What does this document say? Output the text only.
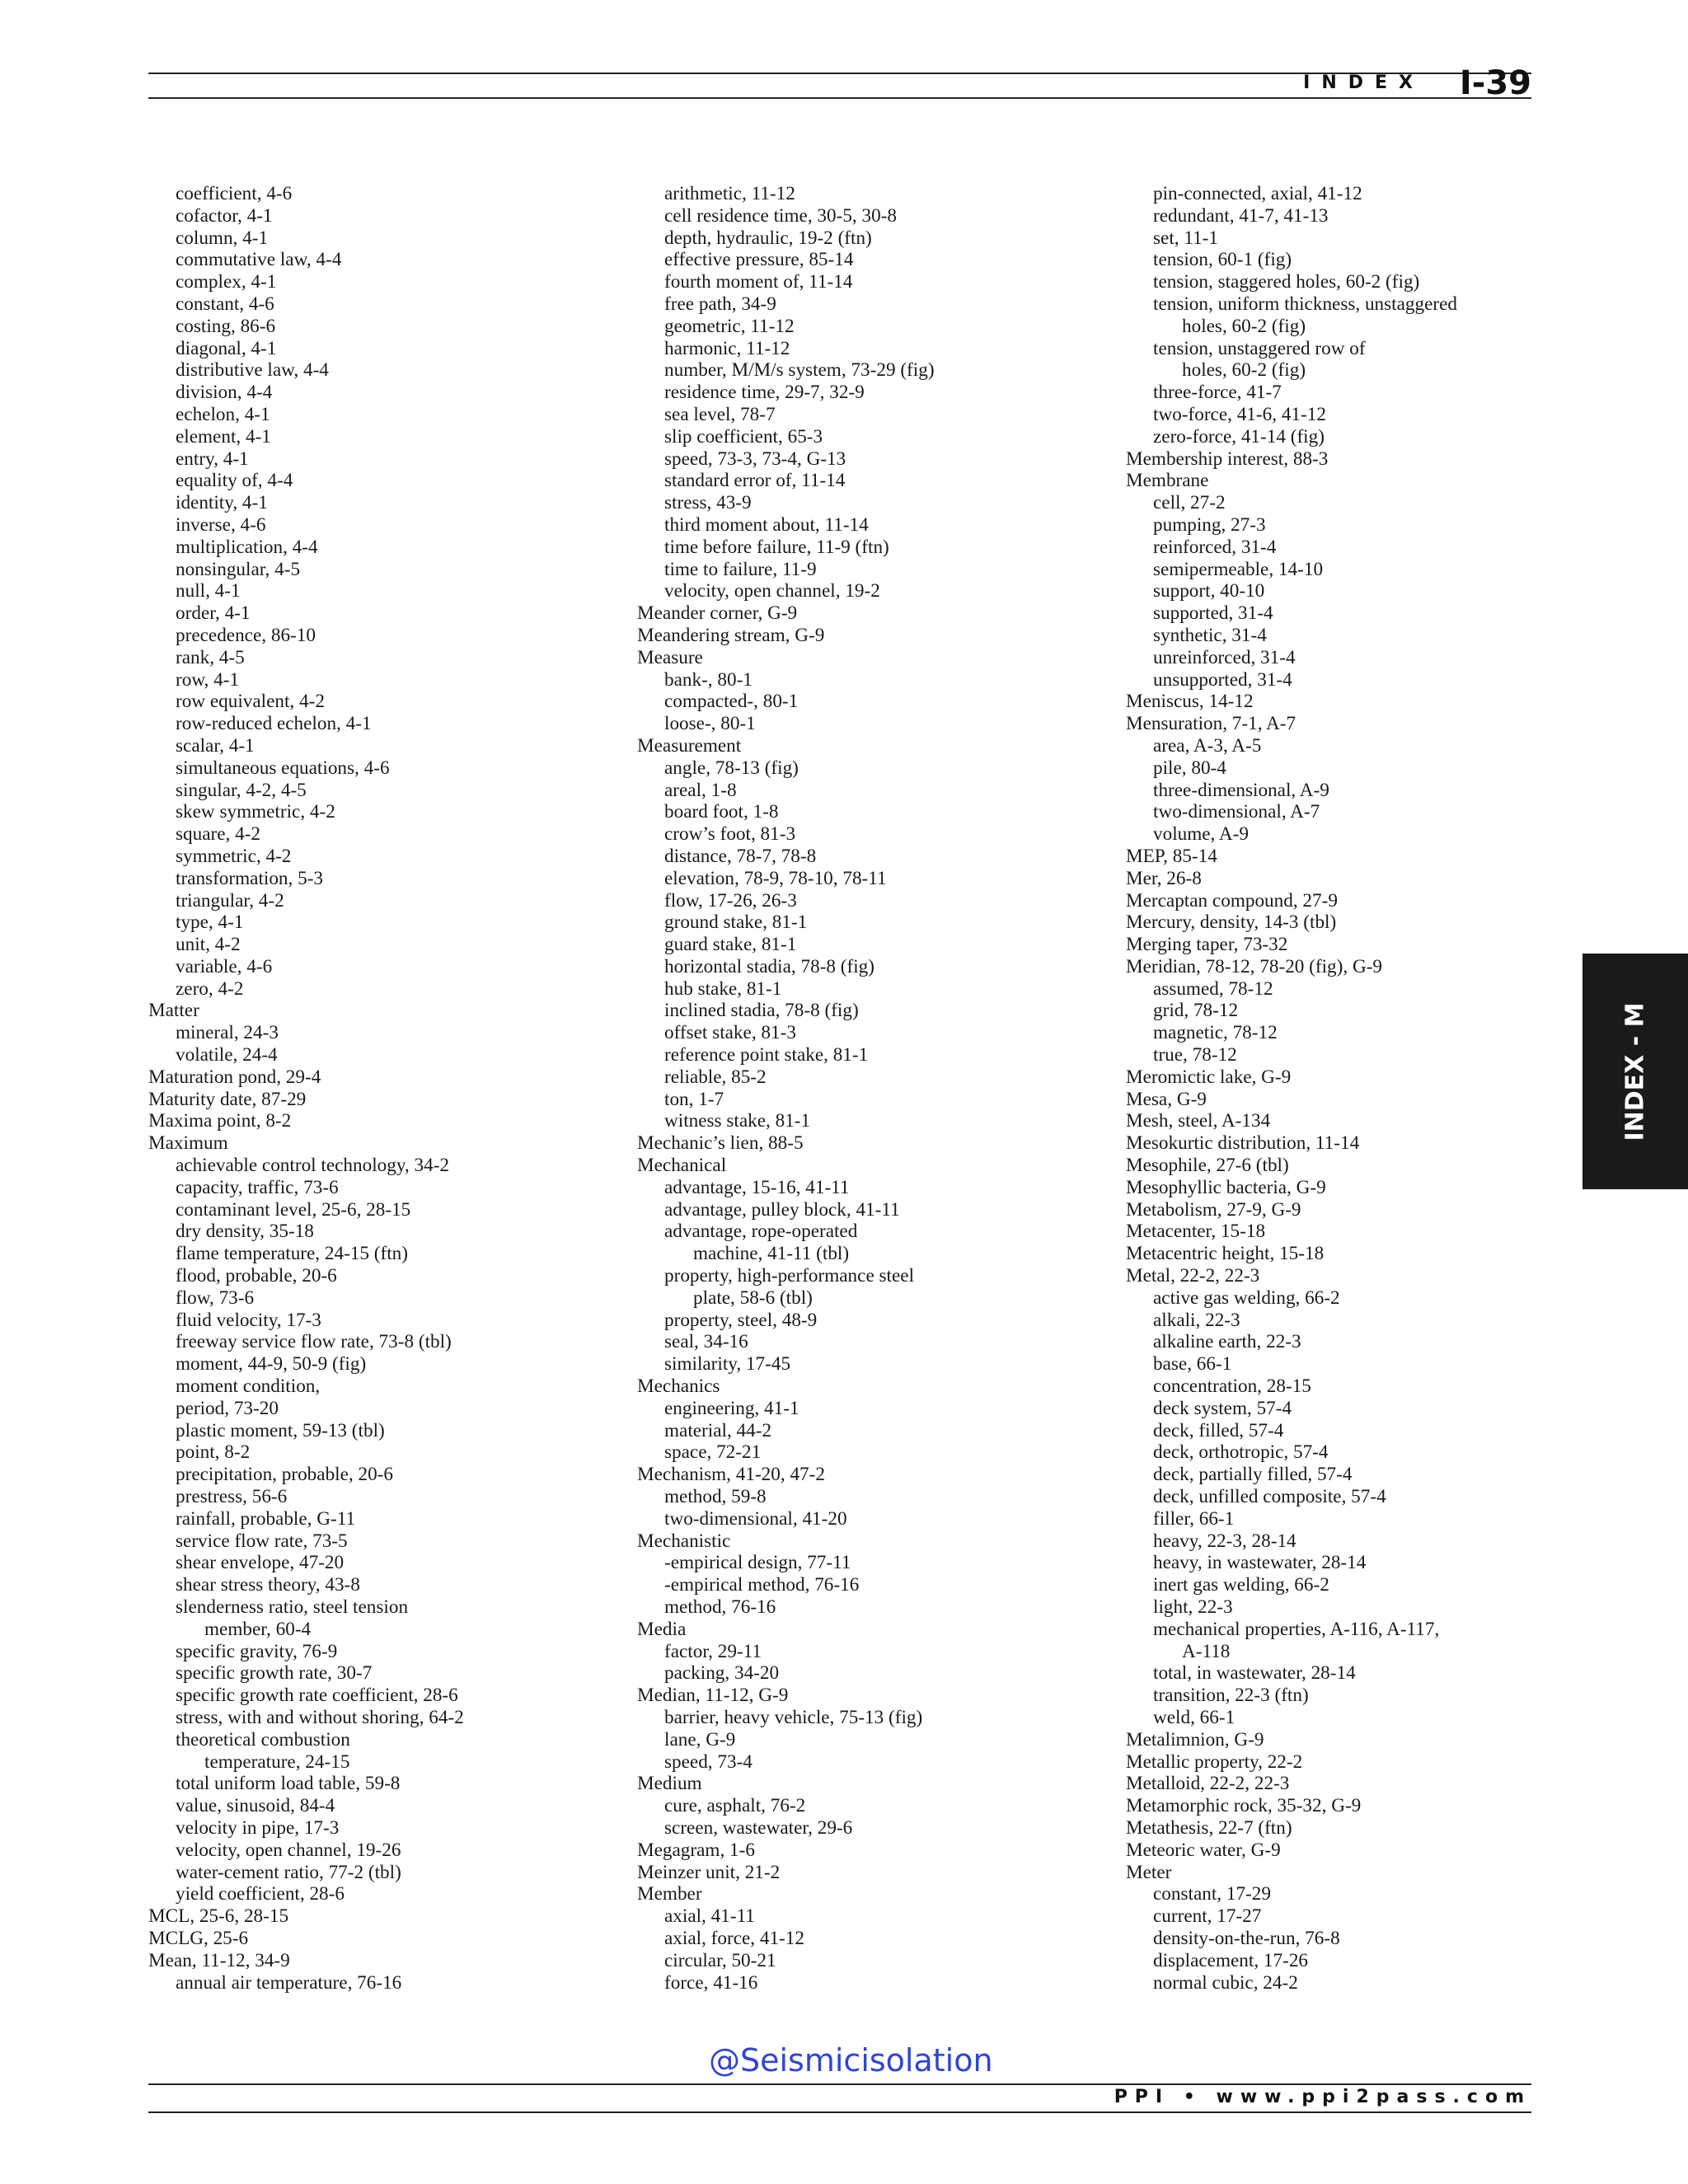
INDEX I-39
coefficient, 4-6
cofactor, 4-1
column, 4-1
commutative law, 4-4
complex, 4-1
constant, 4-6
costing, 86-6
diagonal, 4-1
distributive law, 4-4
division, 4-4
echelon, 4-1
element, 4-1
entry, 4-1
equality of, 4-4
identity, 4-1
inverse, 4-6
multiplication, 4-4
nonsingular, 4-5
null, 4-1
order, 4-1
precedence, 86-10
rank, 4-5
row, 4-1
row equivalent, 4-2
row-reduced echelon, 4-1
scalar, 4-1
simultaneous equations, 4-6
singular, 4-2, 4-5
skew symmetric, 4-2
square, 4-2
symmetric, 4-2
transformation, 5-3
triangular, 4-2
type, 4-1
unit, 4-2
variable, 4-6
zero, 4-2
Matter
mineral, 24-3
volatile, 24-4
Maturation pond, 29-4
Maturity date, 87-29
Maxima point, 8-2
Maximum
achievable control technology, 34-2
capacity, traffic, 73-6
contaminant level, 25-6, 28-15
dry density, 35-18
flame temperature, 24-15 (ftn)
flood, probable, 20-6
flow, 73-6
fluid velocity, 17-3
freeway service flow rate, 73-8 (tbl)
moment, 44-9, 50-9 (fig)
moment condition,
period, 73-20
plastic moment, 59-13 (tbl)
point, 8-2
precipitation, probable, 20-6
prestress, 56-6
rainfall, probable, G-11
service flow rate, 73-5
shear envelope, 47-20
shear stress theory, 43-8
slenderness ratio, steel tension
member, 60-4
specific gravity, 76-9
specific growth rate, 30-7
specific growth rate coefficient, 28-6
stress, with and without shoring, 64-2
theoretical combustion
temperature, 24-15
total uniform load table, 59-8
value, sinusoid, 84-4
velocity in pipe, 17-3
velocity, open channel, 19-26
water-cement ratio, 77-2 (tbl)
yield coefficient, 28-6
MCL, 25-6, 28-15
MCLG, 25-6
Mean, 11-12, 34-9
annual air temperature, 76-16
arithmetic, 11-12
cell residence time, 30-5, 30-8
depth, hydraulic, 19-2 (ftn)
effective pressure, 85-14
fourth moment of, 11-14
free path, 34-9
geometric, 11-12
harmonic, 11-12
number, M/M/s system, 73-29 (fig)
residence time, 29-7, 32-9
sea level, 78-7
slip coefficient, 65-3
speed, 73-3, 73-4, G-13
standard error of, 11-14
stress, 43-9
third moment about, 11-14
time before failure, 11-9 (ftn)
time to failure, 11-9
velocity, open channel, 19-2
Meander corner, G-9
Meandering stream, G-9
Measure
bank-, 80-1
compacted-, 80-1
loose-, 80-1
Measurement
angle, 78-13 (fig)
areal, 1-8
board foot, 1-8
crow’s foot, 81-3
distance, 78-7, 78-8
elevation, 78-9, 78-10, 78-11
flow, 17-26, 26-3
ground stake, 81-1
guard stake, 81-1
horizontal stadia, 78-8 (fig)
hub stake, 81-1
inclined stadia, 78-8 (fig)
offset stake, 81-3
reference point stake, 81-1
reliable, 85-2
ton, 1-7
witness stake, 81-1
Mechanic’s lien, 88-5
Mechanical
advantage, 15-16, 41-11
advantage, pulley block, 41-11
advantage, rope-operated
machine, 41-11 (tbl)
property, high-performance steel
plate, 58-6 (tbl)
property, steel, 48-9
seal, 34-16
similarity, 17-45
Mechanics
engineering, 41-1
material, 44-2
space, 72-21
Mechanism, 41-20, 47-2
method, 59-8
two-dimensional, 41-20
Mechanistic
-empirical design, 77-11
-empirical method, 76-16
method, 76-16
Media
factor, 29-11
packing, 34-20
Median, 11-12, G-9
barrier, heavy vehicle, 75-13 (fig)
lane, G-9
speed, 73-4
Medium
cure, asphalt, 76-2
screen, wastewater, 29-6
Megagram, 1-6
Meinzer unit, 21-2
Member
axial, 41-11
axial, force, 41-12
circular, 50-21
force, 41-16
pin-connected, axial, 41-12
redundant, 41-7, 41-13
set, 11-1
tension, 60-1 (fig)
tension, staggered holes, 60-2 (fig)
tension, uniform thickness, unstaggered
holes, 60-2 (fig)
tension, unstaggered row of
holes, 60-2 (fig)
three-force, 41-7
two-force, 41-6, 41-12
zero-force, 41-14 (fig)
Membership interest, 88-3
Membrane
cell, 27-2
pumping, 27-3
reinforced, 31-4
semipermeable, 14-10
support, 40-10
supported, 31-4
synthetic, 31-4
unreinforced, 31-4
unsupported, 31-4
Meniscus, 14-12
Mensuration, 7-1, A-7
area, A-3, A-5
pile, 80-4
three-dimensional, A-9
two-dimensional, A-7
volume, A-9
MEP, 85-14
Mer, 26-8
Mercaptan compound, 27-9
Mercury, density, 14-3 (tbl)
Merging taper, 73-32
Meridian, 78-12, 78-20 (fig), G-9
assumed, 78-12
grid, 78-12
magnetic, 78-12
true, 78-12
Meromictic lake, G-9
Mesa, G-9
Mesh, steel, A-134
Mesokurtic distribution, 11-14
Mesophile, 27-6 (tbl)
Mesophyllic bacteria, G-9
Metabolism, 27-9, G-9
Metacenter, 15-18
Metacentric height, 15-18
Metal, 22-2, 22-3
active gas welding, 66-2
alkali, 22-3
alkaline earth, 22-3
base, 66-1
concentration, 28-15
deck system, 57-4
deck, filled, 57-4
deck, orthotropic, 57-4
deck, partially filled, 57-4
deck, unfilled composite, 57-4
filler, 66-1
heavy, 22-3, 28-14
heavy, in wastewater, 28-14
inert gas welding, 66-2
light, 22-3
mechanical properties, A-116, A-117,
A-118
total, in wastewater, 28-14
transition, 22-3 (ftn)
weld, 66-1
Metalimnion, G-9
Metallic property, 22-2
Metalloid, 22-2, 22-3
Metamorphic rock, 35-32, G-9
Metathesis, 22-7 (ftn)
Meteoric water, G-9
Meter
constant, 17-29
current, 17-27
density-on-the-run, 76-8
displacement, 17-26
normal cubic, 24-2
INDEX - M
@Seismicisolation
PPI • www.ppi2pass.com
